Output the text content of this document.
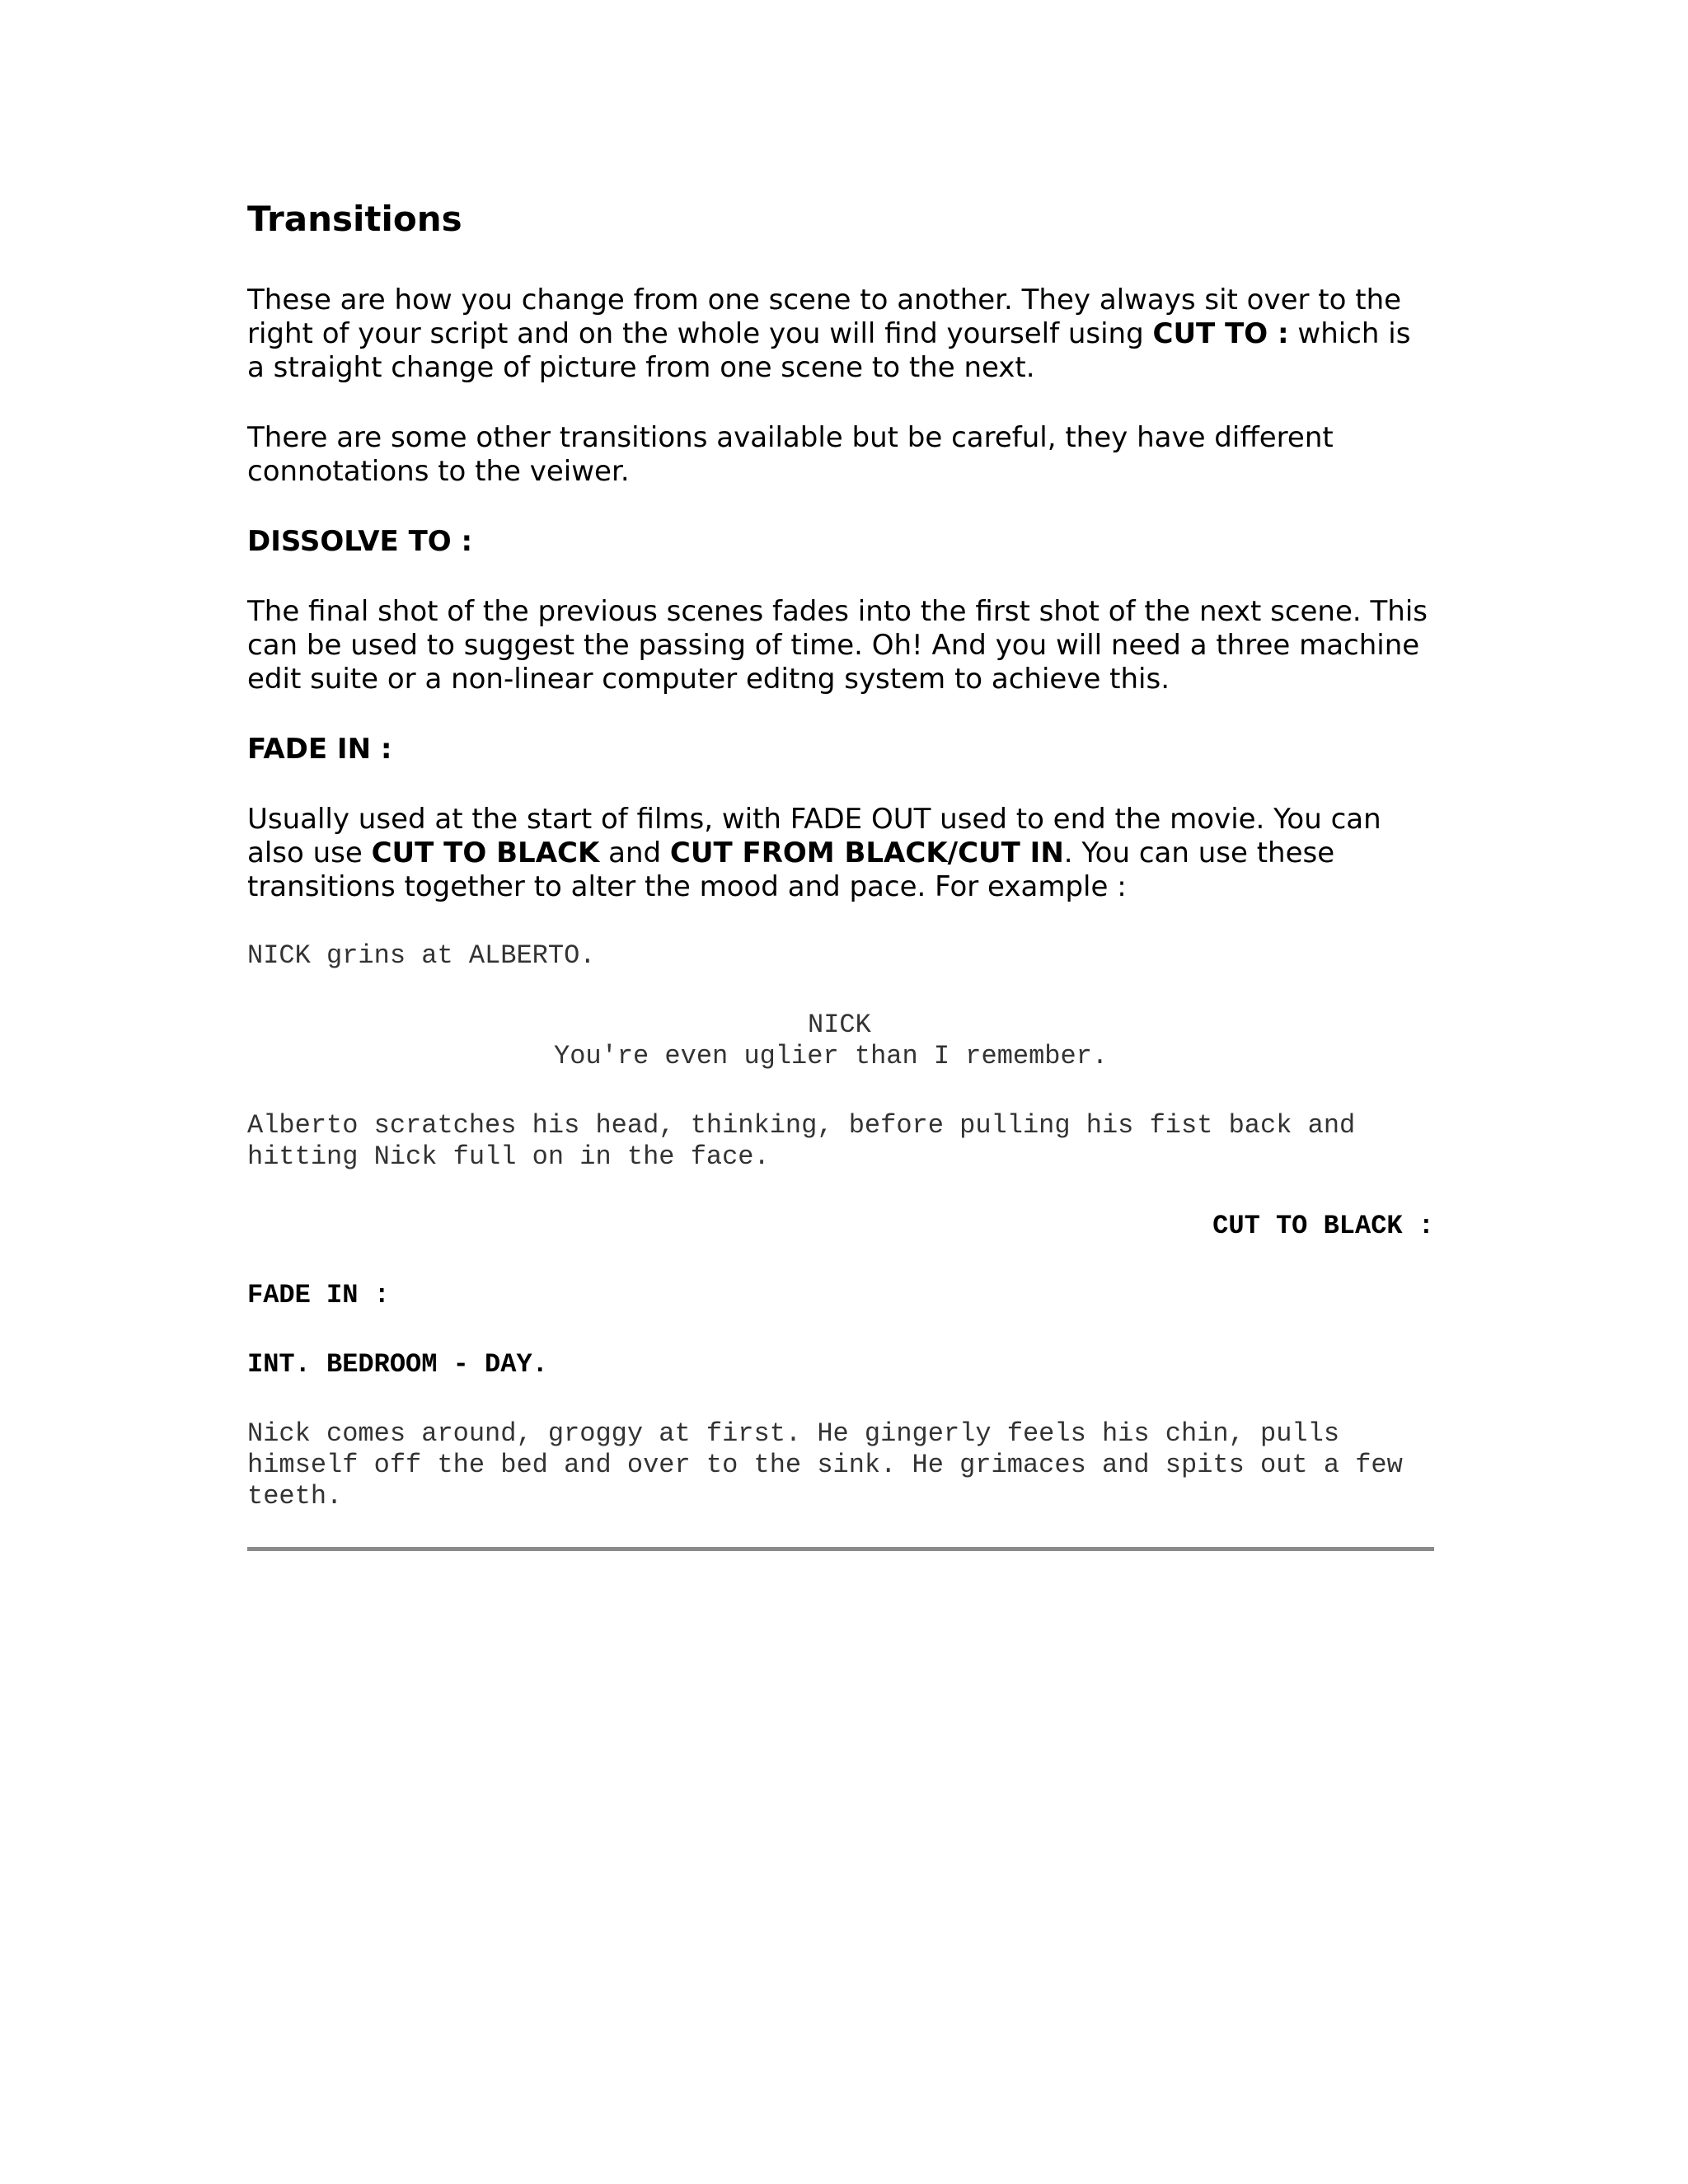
Transitions
These are how you change from one scene to another. They always sit over to the right of your script and on the whole you will find yourself using CUT TO : which is a straight change of picture from one scene to the next.
There are some other transitions available but be careful, they have different connotations to the veiwer.
DISSOLVE TO :
The final shot of the previous scenes fades into the first shot of the next scene. This can be used to suggest the passing of time. Oh! And you will need a three machine edit suite or a non-linear computer editng system to achieve this.
FADE IN :
Usually used at the start of films, with FADE OUT used to end the movie. You can also use CUT TO BLACK and CUT FROM BLACK/CUT IN. You can use these transitions together to alter the mood and pace. For example :
NICK grins at ALBERTO.
NICK
You're even uglier than I remember.
Alberto scratches his head, thinking, before pulling his fist back and hitting Nick full on in the face.
CUT TO BLACK :
FADE IN :
INT. BEDROOM - DAY.
Nick comes around, groggy at first. He gingerly feels his chin, pulls himself off the bed and over to the sink. He grimaces and spits out a few teeth.
